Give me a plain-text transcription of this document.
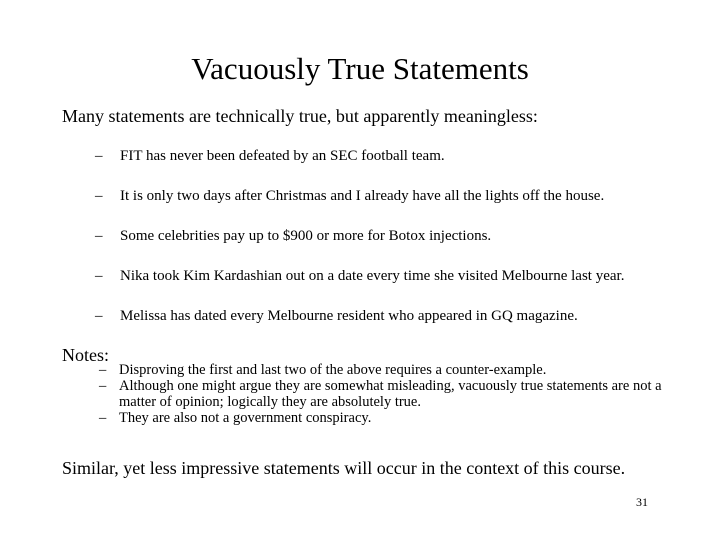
Vacuously True Statements
Many statements are technically true, but apparently meaningless:
– FIT has never been defeated by an SEC football team.
– It is only two days after Christmas and I already have all the lights off the house.
– Some celebrities pay up to $900 or more for Botox injections.
– Nika took Kim Kardashian out on a date every time she visited Melbourne last year.
– Melissa has dated every Melbourne resident who appeared in GQ magazine.
Notes:
– Disproving the first and last two of the above requires a counter-example.
– Although one might argue they are somewhat misleading, vacuously true statements are not a matter of opinion; logically they are absolutely true.
– They are also not a government conspiracy.
Similar, yet less impressive statements will occur in the context of this course.
31
